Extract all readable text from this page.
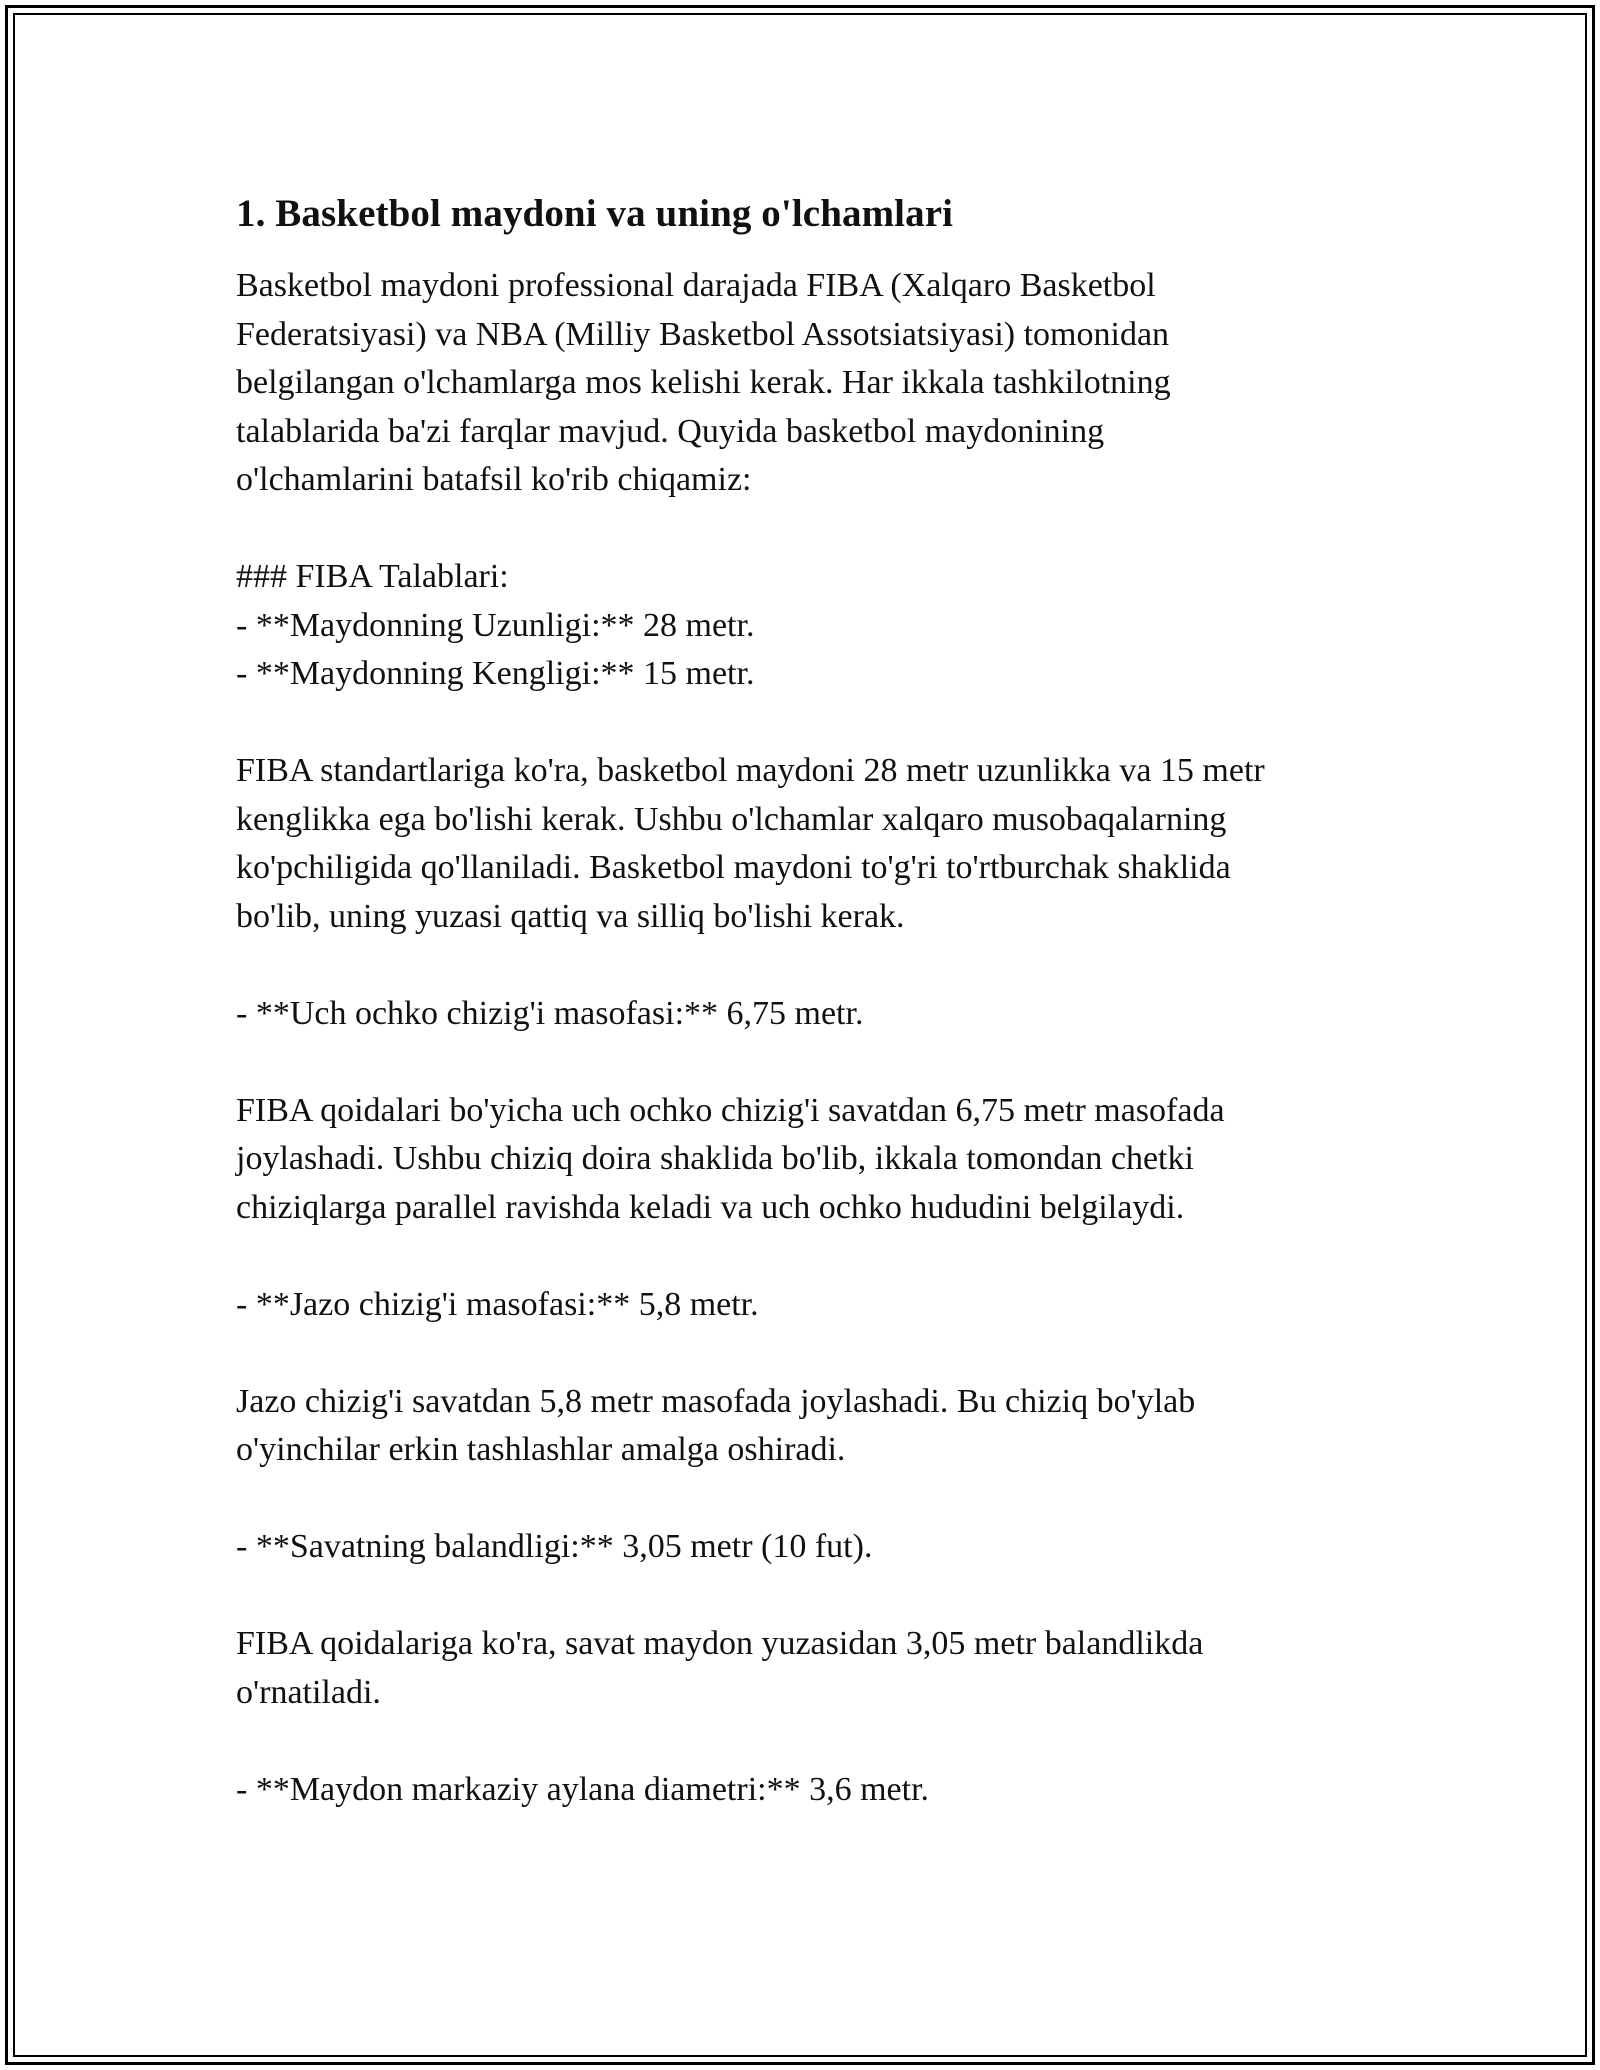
1. Basketbol maydoni va uning o'lchamlari

Basketbol maydoni professional darajada FIBA (Xalqaro Basketbol
Federatsiyasi) va NBA (Milliy Basketbol Assotsiatsiyasi) tomonidan
belgilangan o'lchamlarga mos kelishi kerak. Har ikkala tashkilotning
talablarida ba'zi farqlar mavjud. Quyida basketbol maydonining
o'lchamlarini batafsil ko'rib chiqamiz:

### FIBA Talablari:
- **Maydonning Uzunligi:** 28 metr.
- **Maydonning Kengligi:** 15 metr.

FIBA standartlariga ko'ra, basketbol maydoni 28 metr uzunlikka va 15 metr
kenglikka ega bo'lishi kerak. Ushbu o'lchamlar xalqaro musobaqalarning
ko'pchiligida qo'llaniladi. Basketbol maydoni to'g'ri to'rtburchak shaklida
bo'lib, uning yuzasi qattiq va silliq bo'lishi kerak.

- **Uch ochko chizig'i masofasi:** 6,75 metr.

FIBA qoidalari bo'yicha uch ochko chizig'i savatdan 6,75 metr masofada
joylashadi. Ushbu chiziq doira shaklida bo'lib, ikkala tomondan chetki
chiziqlarga parallel ravishda keladi va uch ochko hududini belgilaydi.

- **Jazo chizig'i masofasi:** 5,8 metr.

Jazo chizig'i savatdan 5,8 metr masofada joylashadi. Bu chiziq bo'ylab
o'yinchilar erkin tashlashlar amalga oshiradi.

- **Savatning balandligi:** 3,05 metr (10 fut).

FIBA qoidalariga ko'ra, savat maydon yuzasidan 3,05 metr balandlikda
o'rnatiladi.

- **Maydon markaziy aylana diametri:** 3,6 metr.
